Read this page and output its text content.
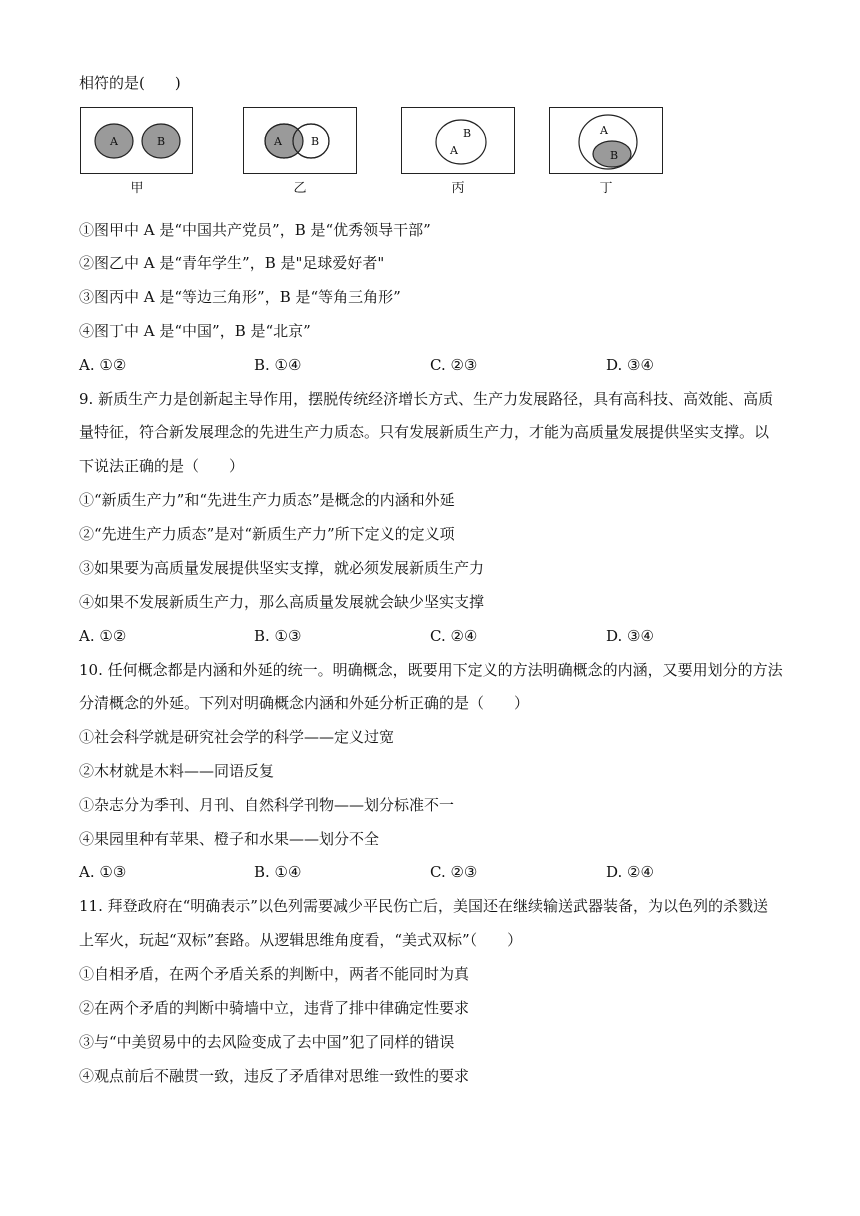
相符的是(　　)
A	B
甲
A	B
乙
B
A
丙
A
B
丁
①图甲中 A 是“中国共产党员”，B 是“优秀领导干部”
②图乙中 A 是“青年学生”，B 是"足球爱好者"
③图丙中 A 是“等边三角形”，B 是“等角三角形”
④图丁中 A 是“中国”，B 是“北京”
A. ①②	B. ①④	C. ②③	D. ③④
9. 新质生产力是创新起主导作用，摆脱传统经济增长方式、生产力发展路径，具有高科技、高效能、高质
量特征，符合新发展理念的先进生产力质态。只有发展新质生产力，才能为高质量发展提供坚实支撑。以
下说法正确的是（　　）
①“新质生产力”和“先进生产力质态”是概念的内涵和外延
②“先进生产力质态”是对“新质生产力”所下定义的定义项
③如果要为高质量发展提供坚实支撑，就必须发展新质生产力
④如果不发展新质生产力，那么高质量发展就会缺少坚实支撑
A. ①②	B. ①③	C. ②④	D. ③④
10. 任何概念都是内涵和外延的统一。明确概念，既要用下定义的方法明确概念的内涵，又要用划分的方法
分清概念的外延。下列对明确概念内涵和外延分析正确的是（　　）
①社会科学就是研究社会学的科学——定义过宽
②木材就是木料——同语反复
①杂志分为季刊、月刊、自然科学刊物——划分标准不一
④果园里种有苹果、橙子和水果——划分不全
A. ①③	B. ①④	C. ②③	D. ②④
11. 拜登政府在“明确表示”以色列需要减少平民伤亡后，美国还在继续输送武器装备，为以色列的杀戮送
上军火，玩起“双标”套路。从逻辑思维角度看，“美式双标”（　　）
①自相矛盾，在两个矛盾关系的判断中，两者不能同时为真
②在两个矛盾的判断中骑墙中立，违背了排中律确定性要求
③与“中美贸易中的去风险变成了去中国”犯了同样的错误
④观点前后不融贯一致，违反了矛盾律对思维一致性的要求
